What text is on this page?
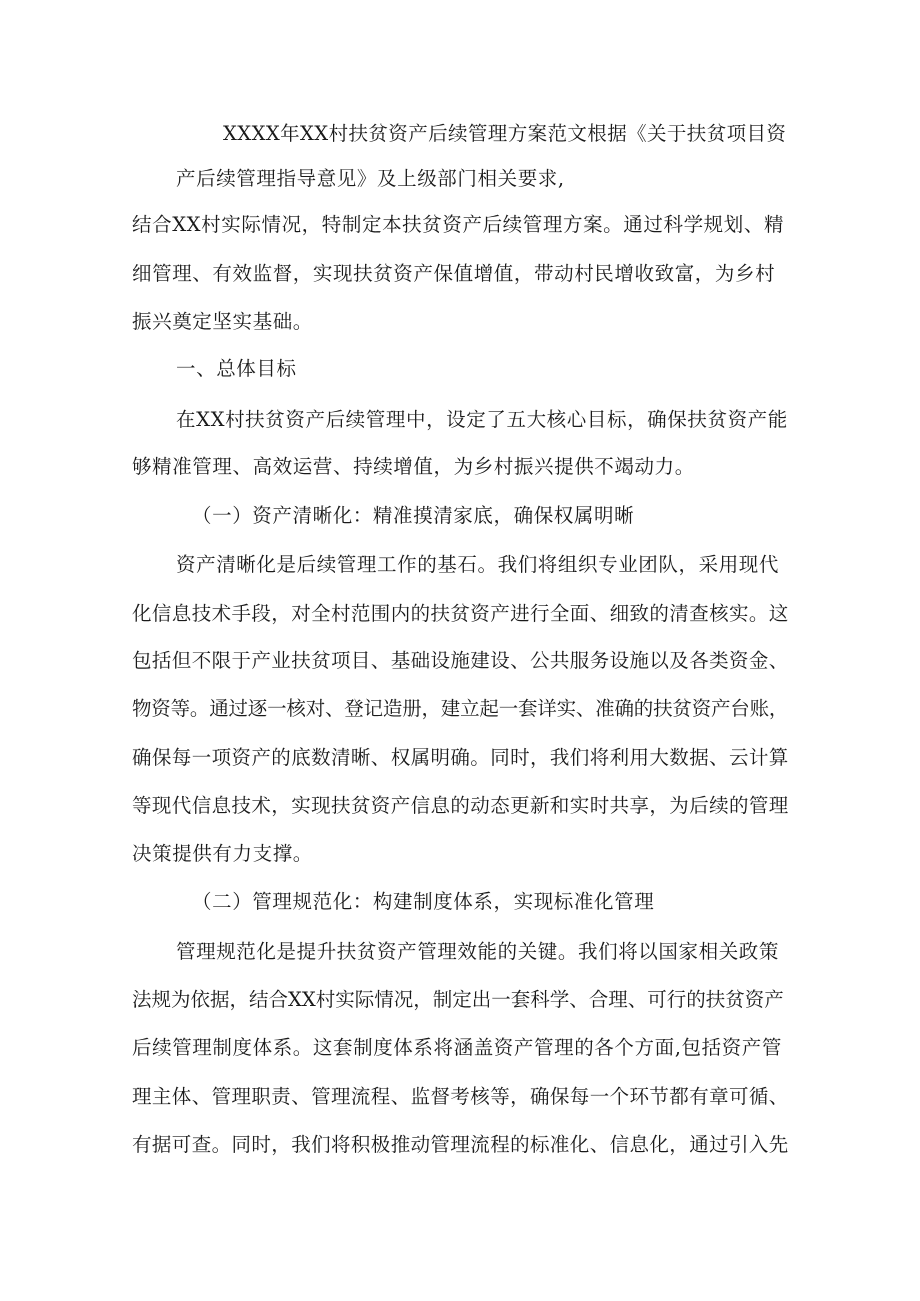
XXXX年XX村扶贫资产后续管理方案范文根据《关于扶贫项目资

产后续管理指导意见》及上级部门相关要求,

结合XX村实际情况，特制定本扶贫资产后续管理方案。通过科学规划、精

细管理、有效监督，实现扶贫资产保值增值，带动村民增收致富，为乡村

振兴奠定坚实基础。

一、总体目标

在XX村扶贫资产后续管理中，设定了五大核心目标，确保扶贫资产能

够精准管理、高效运营、持续增值，为乡村振兴提供不竭动力。

（一）资产清晰化：精准摸清家底，确保权属明晰

资产清晰化是后续管理工作的基石。我们将组织专业团队，采用现代

化信息技术手段，对全村范围内的扶贫资产进行全面、细致的清查核实。这

包括但不限于产业扶贫项目、基础设施建设、公共服务设施以及各类资金、

物资等。通过逐一核对、登记造册，建立起一套详实、准确的扶贫资产台账，

确保每一项资产的底数清晰、权属明确。同时，我们将利用大数据、云计算

等现代信息技术，实现扶贫资产信息的动态更新和实时共享，为后续的管理

决策提供有力支撑。

（二）管理规范化：构建制度体系，实现标准化管理

管理规范化是提升扶贫资产管理效能的关键。我们将以国家相关政策

法规为依据，结合XX村实际情况，制定出一套科学、合理、可行的扶贫资产

后续管理制度体系。这套制度体系将涵盖资产管理的各个方面,包括资产管

理主体、管理职责、管理流程、监督考核等，确保每一个环节都有章可循、

有据可查。同时，我们将积极推动管理流程的标准化、信息化，通过引入先
